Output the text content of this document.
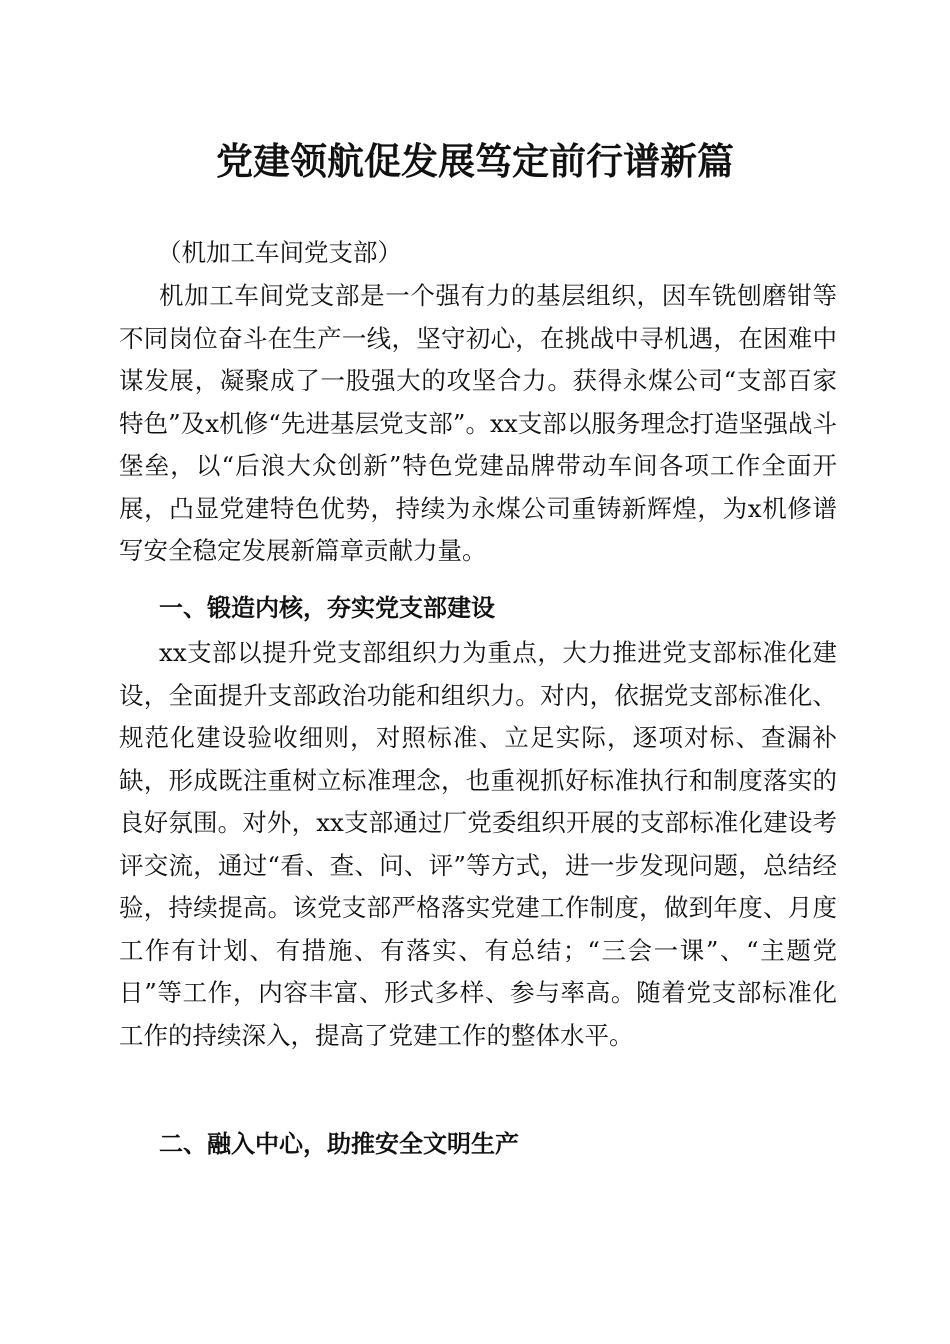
党建领航促发展笃定前行谱新篇
（机加工车间党支部）

机加工车间党支部是一个强有力的基层组织，因车铣刨磨钳等不同岗位奋斗在生产一线，坚守初心，在挑战中寻机遇，在困难中谋发展，凝聚成了一股强大的攻坚合力。获得永煤公司“支部百家特色”及x机修“先进基层党支部”。xx支部以服务理念打造坚强战斗堡垒，以“后浪大众创新”特色党建品牌带动车间各项工作全面开展，凸显党建特色优势，持续为永煤公司重铸新辉煌，为x机修谱写安全稳定发展新篇章贡献力量。

一、锻造内核，夯实党支部建设

xx支部以提升党支部组织力为重点，大力推进党支部标准化建设，全面提升支部政治功能和组织力。对内，依据党支部标准化、规范化建设验收细则，对照标准、立足实际，逐项对标、查漏补缺，形成既注重树立标准理念，也重视抓好标准执行和制度落实的良好氛围。对外，xx支部通过厂党委组织开展的支部标准化建设考评交流，通过“看、查、问、评”等方式，进一步发现问题，总结经验，持续提高。该党支部严格落实党建工作制度，做到年度、月度工作有计划、有措施、有落实、有总结；“三会一课”、“主题党日”等工作，内容丰富、形式多样、参与率高。随着党支部标准化工作的持续深入，提高了党建工作的整体水平。

二、融入中心，助推安全文明生产
